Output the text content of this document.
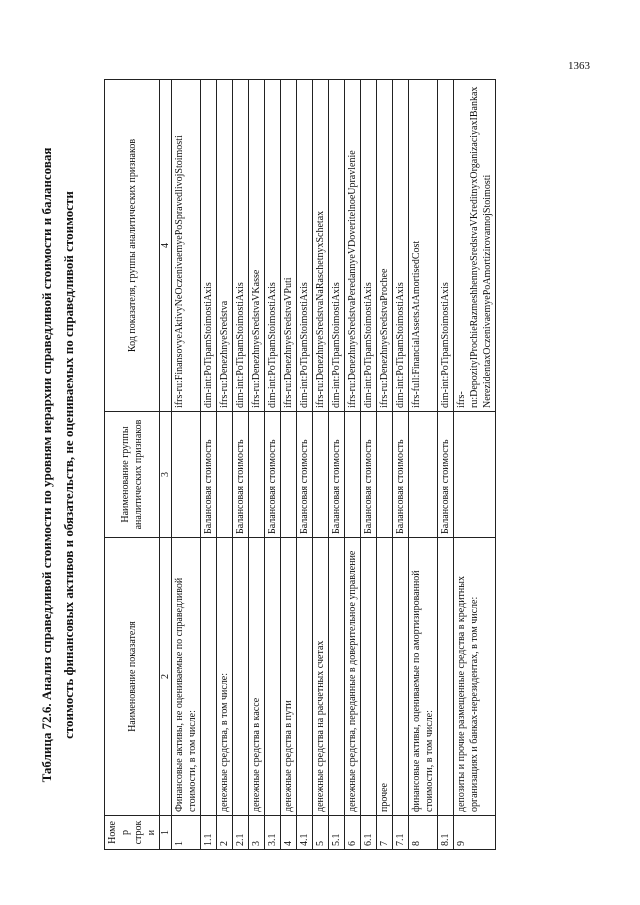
1363
Таблица 72.6. Анализ справедливой стоимости по уровням иерархии справедливой стоимости и балансовая стоимость финансовых активов и обязательств, не оцениваемых по справедливой стоимости
Номер строки	Наименование показателя	Наименование группы аналитических признаков	Код показателя, группы аналитических признаков
1	2	3	4
1	Финансовые активы, не оцениваемые по справедливой стоимости, в том числе:		ifrs-ru:FinansovyeAktivyNeOczenivaemyePoSpravedlivojStoimosti
1.1		Балансовая стоимость	dim-int:PoTipamStoimostiAxis
2	денежные средства, в том числе:		ifrs-ru:DenezhnyeSredstva
2.1		Балансовая стоимость	dim-int:PoTipamStoimostiAxis
3	денежные средства в кассе		ifrs-ru:DenezhnyeSredstvaVKasse
3.1		Балансовая стоимость	dim-int:PoTipamStoimostiAxis
4	денежные средства в пути		ifrs-ru:DenezhnyeSredstvaVPuti
4.1		Балансовая стоимость	dim-int:PoTipamStoimostiAxis
5	денежные средства на расчетных счетах		ifrs-ru:DenezhnyeSredstvaNaRaschetnyxSchetax
5.1		Балансовая стоимость	dim-int:PoTipamStoimostiAxis
6	денежные средства, переданные в доверительное управление		ifrs-ru:DenezhnyeSredstvaPeredannyeVDoveritelnoeUpravlenie
6.1		Балансовая стоимость	dim-int:PoTipamStoimostiAxis
7	прочее		ifrs-ru:DenezhnyeSredstvaProchee
7.1		Балансовая стоимость	dim-int:PoTipamStoimostiAxis
8	финансовые активы, оцениваемые по амортизированной стоимости, в том числе:		ifrs-full:FinancialAssetsAtAmortisedCost
8.1		Балансовая стоимость	dim-int:PoTipamStoimostiAxis
9	депозиты и прочие размещенные средства в кредитных организациях и банках-нерезидентах, в том числе:		ifrs-ru:DepozityIProchieRazmeshhennyeSredstvaVKreditnyxOrganizaciyaxIBankaxNerezidentaxOczenivaemyePoAmortizirovannojStoimosti
